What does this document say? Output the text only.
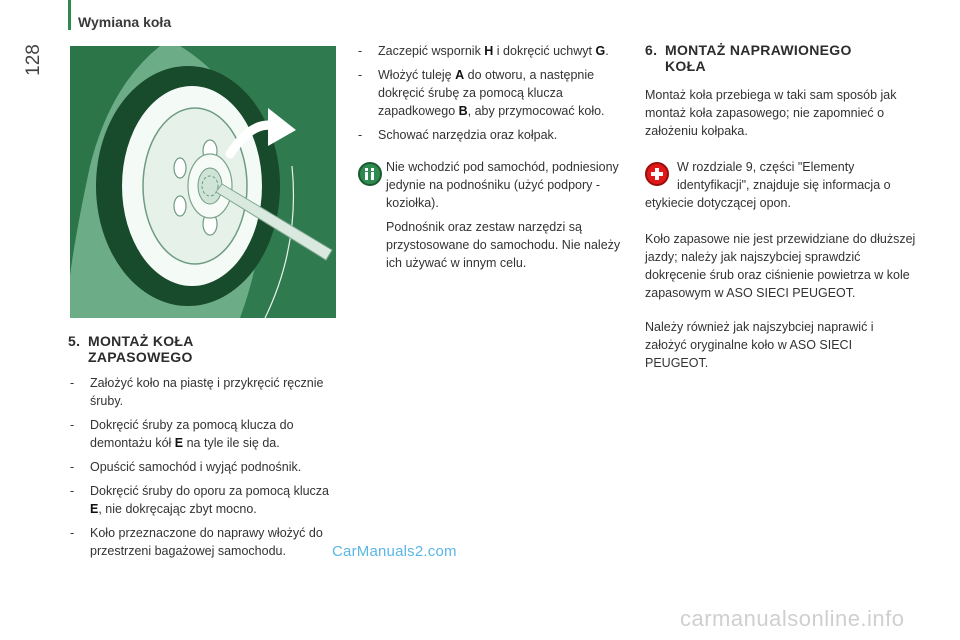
Wymiana koła
128
5. MONTAŻ KOŁA
ZAPASOWEGO
- Założyć koło na piastę i przykręcić ręcznie śruby.
- Dokręcić śruby za pomocą klucza do demontażu kół E na tyle ile się da.
- Opuścić samochód i wyjąć podnośnik.
- Dokręcić śruby do oporu za pomocą klucza E, nie dokręcając zbyt mocno.
- Koło przeznaczone do naprawy włożyć do przestrzeni bagażowej samochodu.
- Zaczepić wspornik H i dokręcić uchwyt G.
- Włożyć tuleję A do otworu, a następnie dokręcić śrubę za pomocą klucza zapadkowego B, aby przymocować koło.
- Schować narzędzia oraz kołpak.

Nie wchodzić pod samochód, podniesiony jedynie na podnośniku (użyć podpory - koziołka).

Podnośnik oraz zestaw narzędzi są przystosowane do samochodu. Nie należy ich używać w innym celu.

6. MONTAŻ NAPRAWIONEGO
KOŁA

Montaż koła przebiega w taki sam sposób jak montaż koła zapasowego; nie zapomnieć o założeniu kołpaka.

W rozdziale 9, części "Elementy
identyfikacji", znajduje się informacja o
etykiecie dotyczącej opon.

Koło zapasowe nie jest przewidziane do dłuższej jazdy; należy jak najszybciej sprawdzić dokręcenie śrub oraz ciśnienie powietrza w kole zapasowym w ASO SIECI PEUGEOT.

Należy również jak najszybciej naprawić i założyć oryginalne koło w ASO SIECI PEUGEOT.

CarManuals2.com
carmanualsonline.info
